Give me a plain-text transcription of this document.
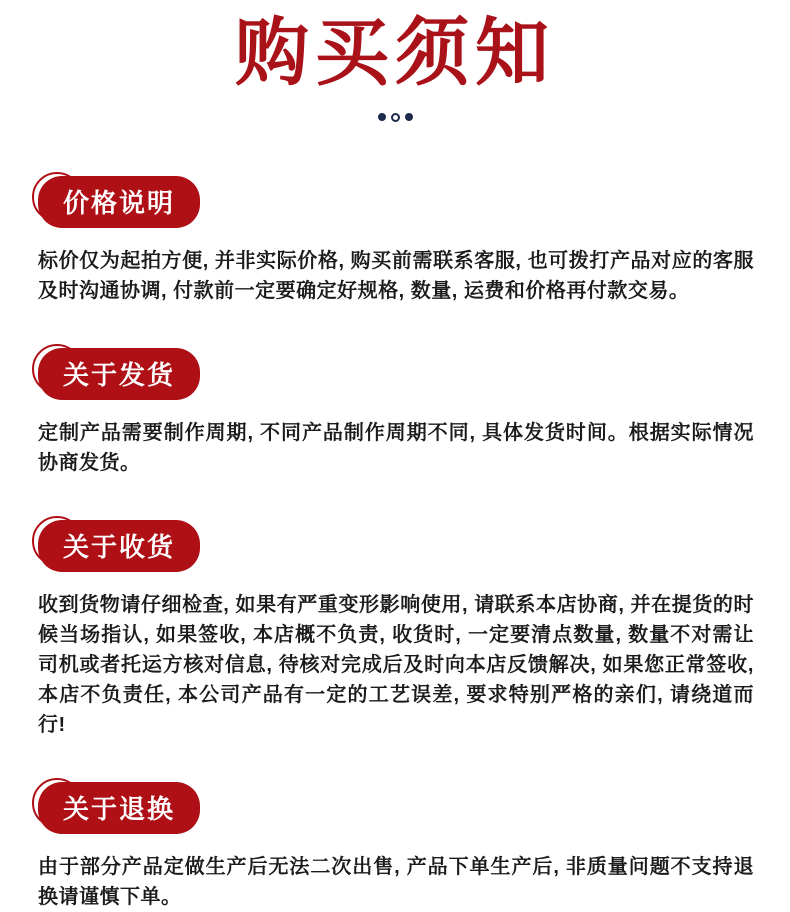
购买须知
价格说明

标价仅为起拍方便, 并非实际价格, 购买前需联系客服, 也可拨打产品对应的客服及时沟通协调, 付款前一定要确定好规格, 数量, 运费和价格再付款交易。

关于发货

定制产品需要制作周期, 不同产品制作周期不同, 具体发货时间。根据实际情况协商发货。

关于收货

收到货物请仔细检查, 如果有严重变形影响使用, 请联系本店协商, 并在提货的时候当场指认, 如果签收, 本店概不负责, 收货时, 一定要清点数量, 数量不对需让司机或者托运方核对信息, 待核对完成后及时向本店反馈解决, 如果您正常签收, 本店不负责任, 本公司产品有一定的工艺误差, 要求特别严格的亲们, 请绕道而行!

关于退换

由于部分产品定做生产后无法二次出售, 产品下单生产后, 非质量问题不支持退换请谨慎下单。
